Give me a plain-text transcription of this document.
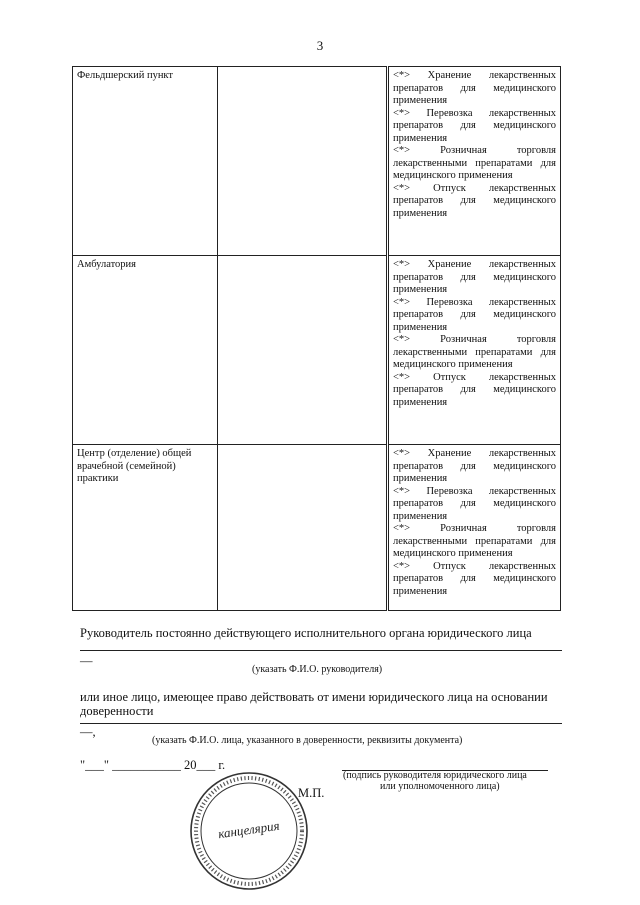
3
Фельдшерский пункт		<*> Хранение лекарственных препаратов для медицинского применения
<*> Перевозка лекарственных препаратов для медицинского применения
<*> Розничная торговля лекарственными препаратами для медицинского применения
<*> Отпуск лекарственных препаратов для медицинского применения

Амбулатория		<*> Хранение лекарственных препаратов для медицинского применения
<*> Перевозка лекарственных препаратов для медицинского применения
<*> Розничная торговля лекарственными препаратами для медицинского применения
<*> Отпуск лекарственных препаратов для медицинского применения

Центр (отделение) общей врачебной (семейной) практики		<*> Хранение лекарственных препаратов для медицинского применения
<*> Перевозка лекарственных препаратов для медицинского применения
<*> Розничная торговля лекарственными препаратами для медицинского применения
<*> Отпуск лекарственных препаратов для медицинского применения
Руководитель постоянно действующего исполнительного органа юридического лица
—
(указать Ф.И.О. руководителя)
или иное лицо, имеющее право действовать от имени юридического лица на основании доверенности
—,
(указать Ф.И.О. лица, указанного в доверенности, реквизиты документа)
"___" ___________ 20___ г.
(подпись руководителя юридического лица
или уполномоченного лица)
М.П.
канцелярия
